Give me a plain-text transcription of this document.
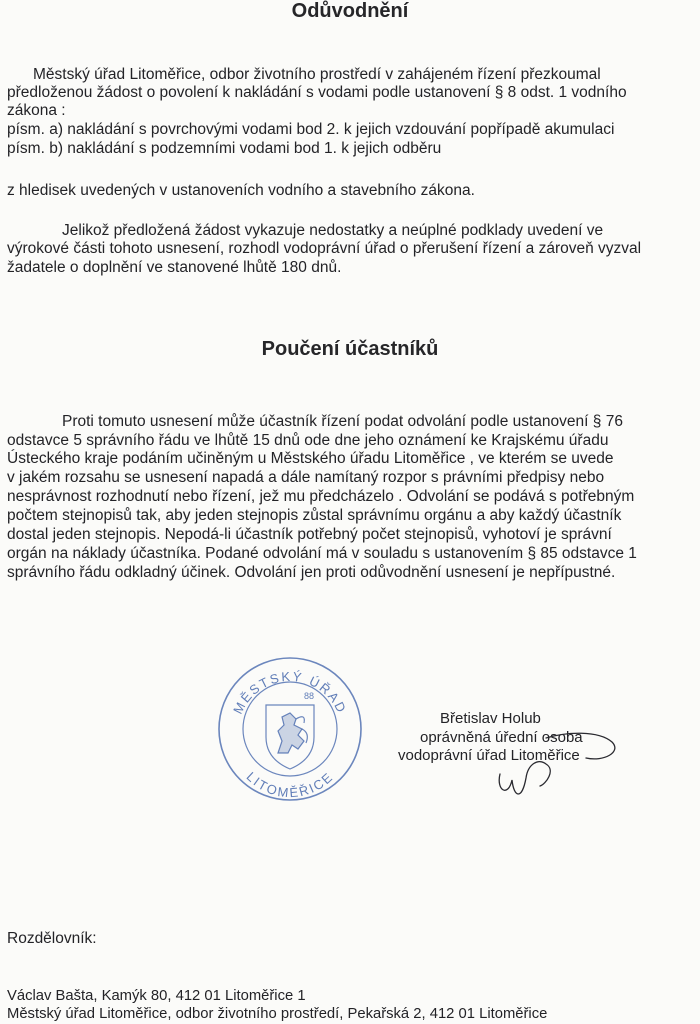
Odůvodnění
Městský úřad Litoměřice, odbor životního prostředí v zahájeném řízení přezkoumal
předloženou žádost o povolení k nakládání s vodami podle ustanovení § 8 odst. 1 vodního
zákona :
písm. a) nakládání s povrchovými vodami bod 2. k jejich vzdouvání popřípadě akumulaci
písm. b) nakládání s podzemními vodami bod 1. k jejich odběru
z hledisek uvedených v ustanoveních vodního a stavebního zákona.
Jelikož předložená žádost vykazuje nedostatky a neúplné podklady uvedení ve
výrokové části tohoto usnesení, rozhodl vodoprávní úřad o přerušení řízení a zároveň vyzval
žadatele o doplnění ve stanovené lhůtě 180 dnů.
Poučení účastníků
Proti tomuto usnesení může účastník řízení podat odvolání podle ustanovení § 76
odstavce 5 správního řádu ve lhůtě 15 dnů ode dne jeho oznámení ke Krajskému úřadu
Ústeckého kraje podáním učiněným u Městského úřadu Litoměřice , ve kterém se uvede
v jakém rozsahu se usnesení napadá a dále namítaný rozpor s právními předpisy nebo
nesprávnost rozhodnutí nebo řízení, jež mu předcházelo . Odvolání se podává s potřebným
počtem stejnopisů tak, aby jeden stejnopis zůstal správnímu orgánu a aby každý účastník
dostal jeden stejnopis. Nepodá-li účastník potřebný počet stejnopisů, vyhotoví je správní
orgán na náklady účastníka. Podané odvolání má v souladu s ustanovením § 85 odstavce 1
správního řádu odkladný účinek. Odvolání jen proti odůvodnění usnesení je nepřípustné.
MĚSTSKÝ ÚŘAD
LITOMĚŘICE
88
Břetislav Holub
oprávněná úřední osoba
vodoprávní úřad Litoměřice
Rozdělovník:
Václav Bašta, Kamýk 80, 412 01 Litoměřice 1
Městský úřad Litoměřice, odbor životního prostředí, Pekařská 2, 412 01 Litoměřice
